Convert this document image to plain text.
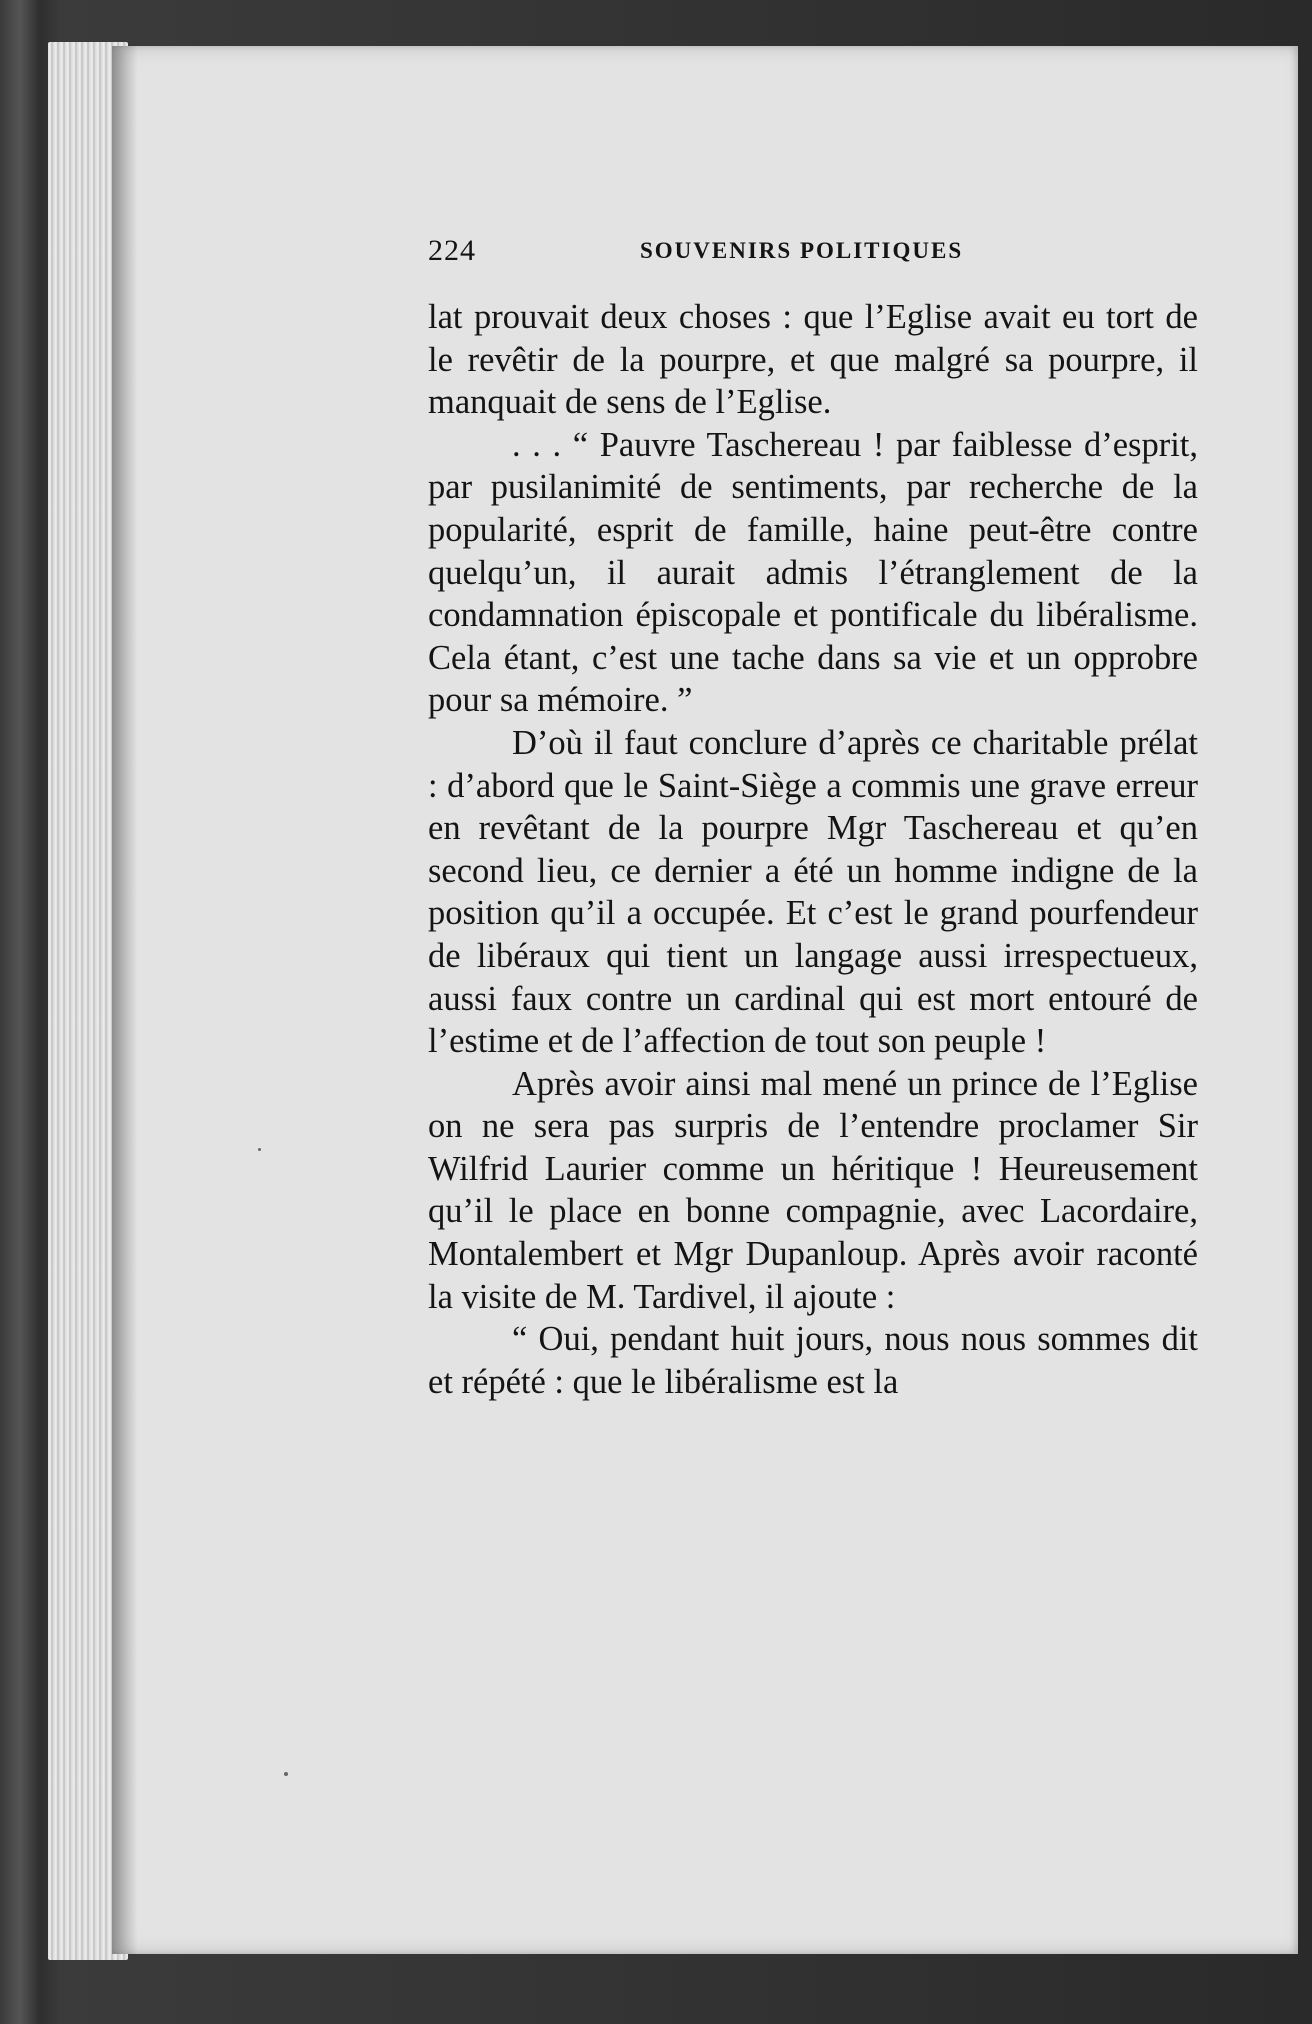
224	SOUVENIRS POLITIQUES

lat prouvait deux choses : que l’Eglise avait eu tort de le revêtir de la pourpre, et que malgré sa pourpre, il manquait de sens de l’Eglise.

. . . “ Pauvre Taschereau ! par faiblesse d’esprit, par pusilanimité de sentiments, par recherche de la popularité, esprit de famille, haine peut-être contre quelqu’un, il aurait admis l’étranglement de la condamnation épiscopale et pontificale du libéralisme. Cela étant, c’est une tache dans sa vie et un opprobre pour sa mémoire. ”

D’où il faut conclure d’après ce charitable prélat : d’abord que le Saint-Siège a commis une grave erreur en revêtant de la pourpre Mgr Taschereau et qu’en second lieu, ce dernier a été un homme indigne de la position qu’il a occupée. Et c’est le grand pourfendeur de libéraux qui tient un langage aussi irrespectueux, aussi faux contre un cardinal qui est mort entouré de l’estime et de l’affection de tout son peuple !

Après avoir ainsi mal mené un prince de l’Eglise on ne sera pas surpris de l’entendre proclamer Sir Wilfrid Laurier comme un héritique ! Heureusement qu’il le place en bonne compagnie, avec Lacordaire, Montalembert et Mgr Dupanloup. Après avoir raconté la visite de M. Tardivel, il ajoute :

“ Oui, pendant huit jours, nous nous sommes dit et répété : que le libéralisme est la
